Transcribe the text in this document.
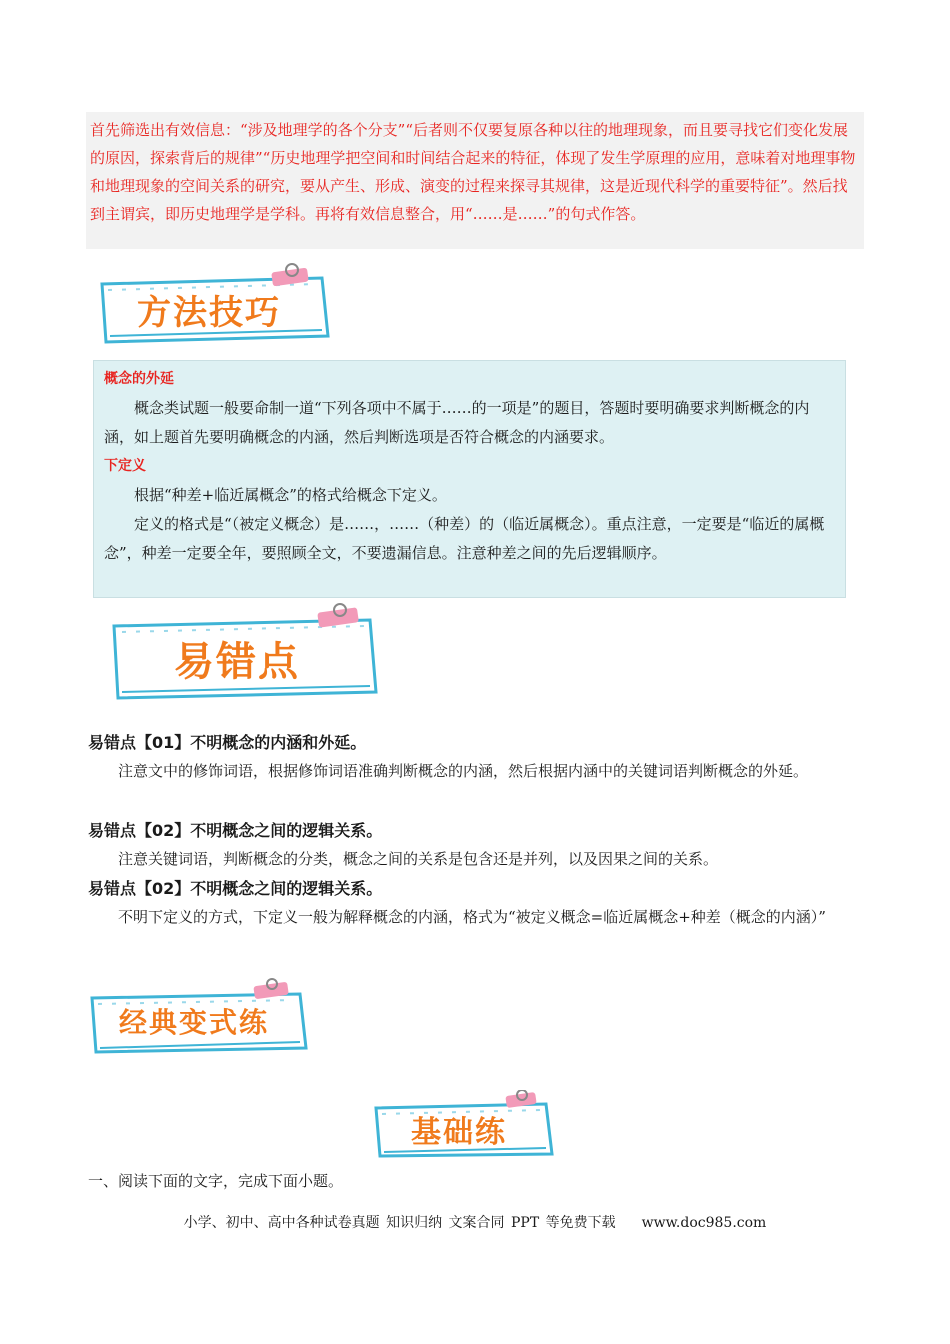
首先筛选出有效信息：“涉及地理学的各个分支”“后者则不仅要复原各种以往的地理现象，而且要寻找它们变化发展的原因，探索背后的规律”“历史地理学把空间和时间结合起来的特征，体现了发生学原理的应用，意味着对地理事物和地理现象的空间关系的研究，要从产生、形成、演变的过程来探寻其规律，这是近现代科学的重要特征”。然后找到主谓宾，即历史地理学是学科。再将有效信息整合，用“……是……”的句式作答。

方法技巧
概念的外延

概念类试题一般要命制一道“下列各项中不属于……的一项是”的题目，答题时要明确要求判断概念的内涵，如上题首先要明确概念的内涵，然后判断选项是否符合概念的内涵要求。

下定义

根据“种差+临近属概念”的格式给概念下定义。

定义的格式是“（被定义概念）是……，……（种差）的（临近属概念）。重点注意，一定要是“临近的属概念”，种差一定要全年，要照顾全文，不要遗漏信息。注意种差之间的先后逻辑顺序。

易错点
易错点【01】不明概念的内涵和外延。

注意文中的修饰词语，根据修饰词语准确判断概念的内涵，然后根据内涵中的关键词语判断概念的外延。

易错点【02】不明概念之间的逻辑关系。

注意关键词语，判断概念的分类，概念之间的关系是包含还是并列，以及因果之间的关系。

易错点【02】不明概念之间的逻辑关系。

不明下定义的方式，下定义一般为解释概念的内涵，格式为“被定义概念=临近属概念+种差（概念的内涵）”

经典变式练
基础练
一、阅读下面的文字，完成下面小题。
小学、初中、高中各种试卷真题 知识归纳 文案合同 PPT 等免费下载 www.doc985.com
